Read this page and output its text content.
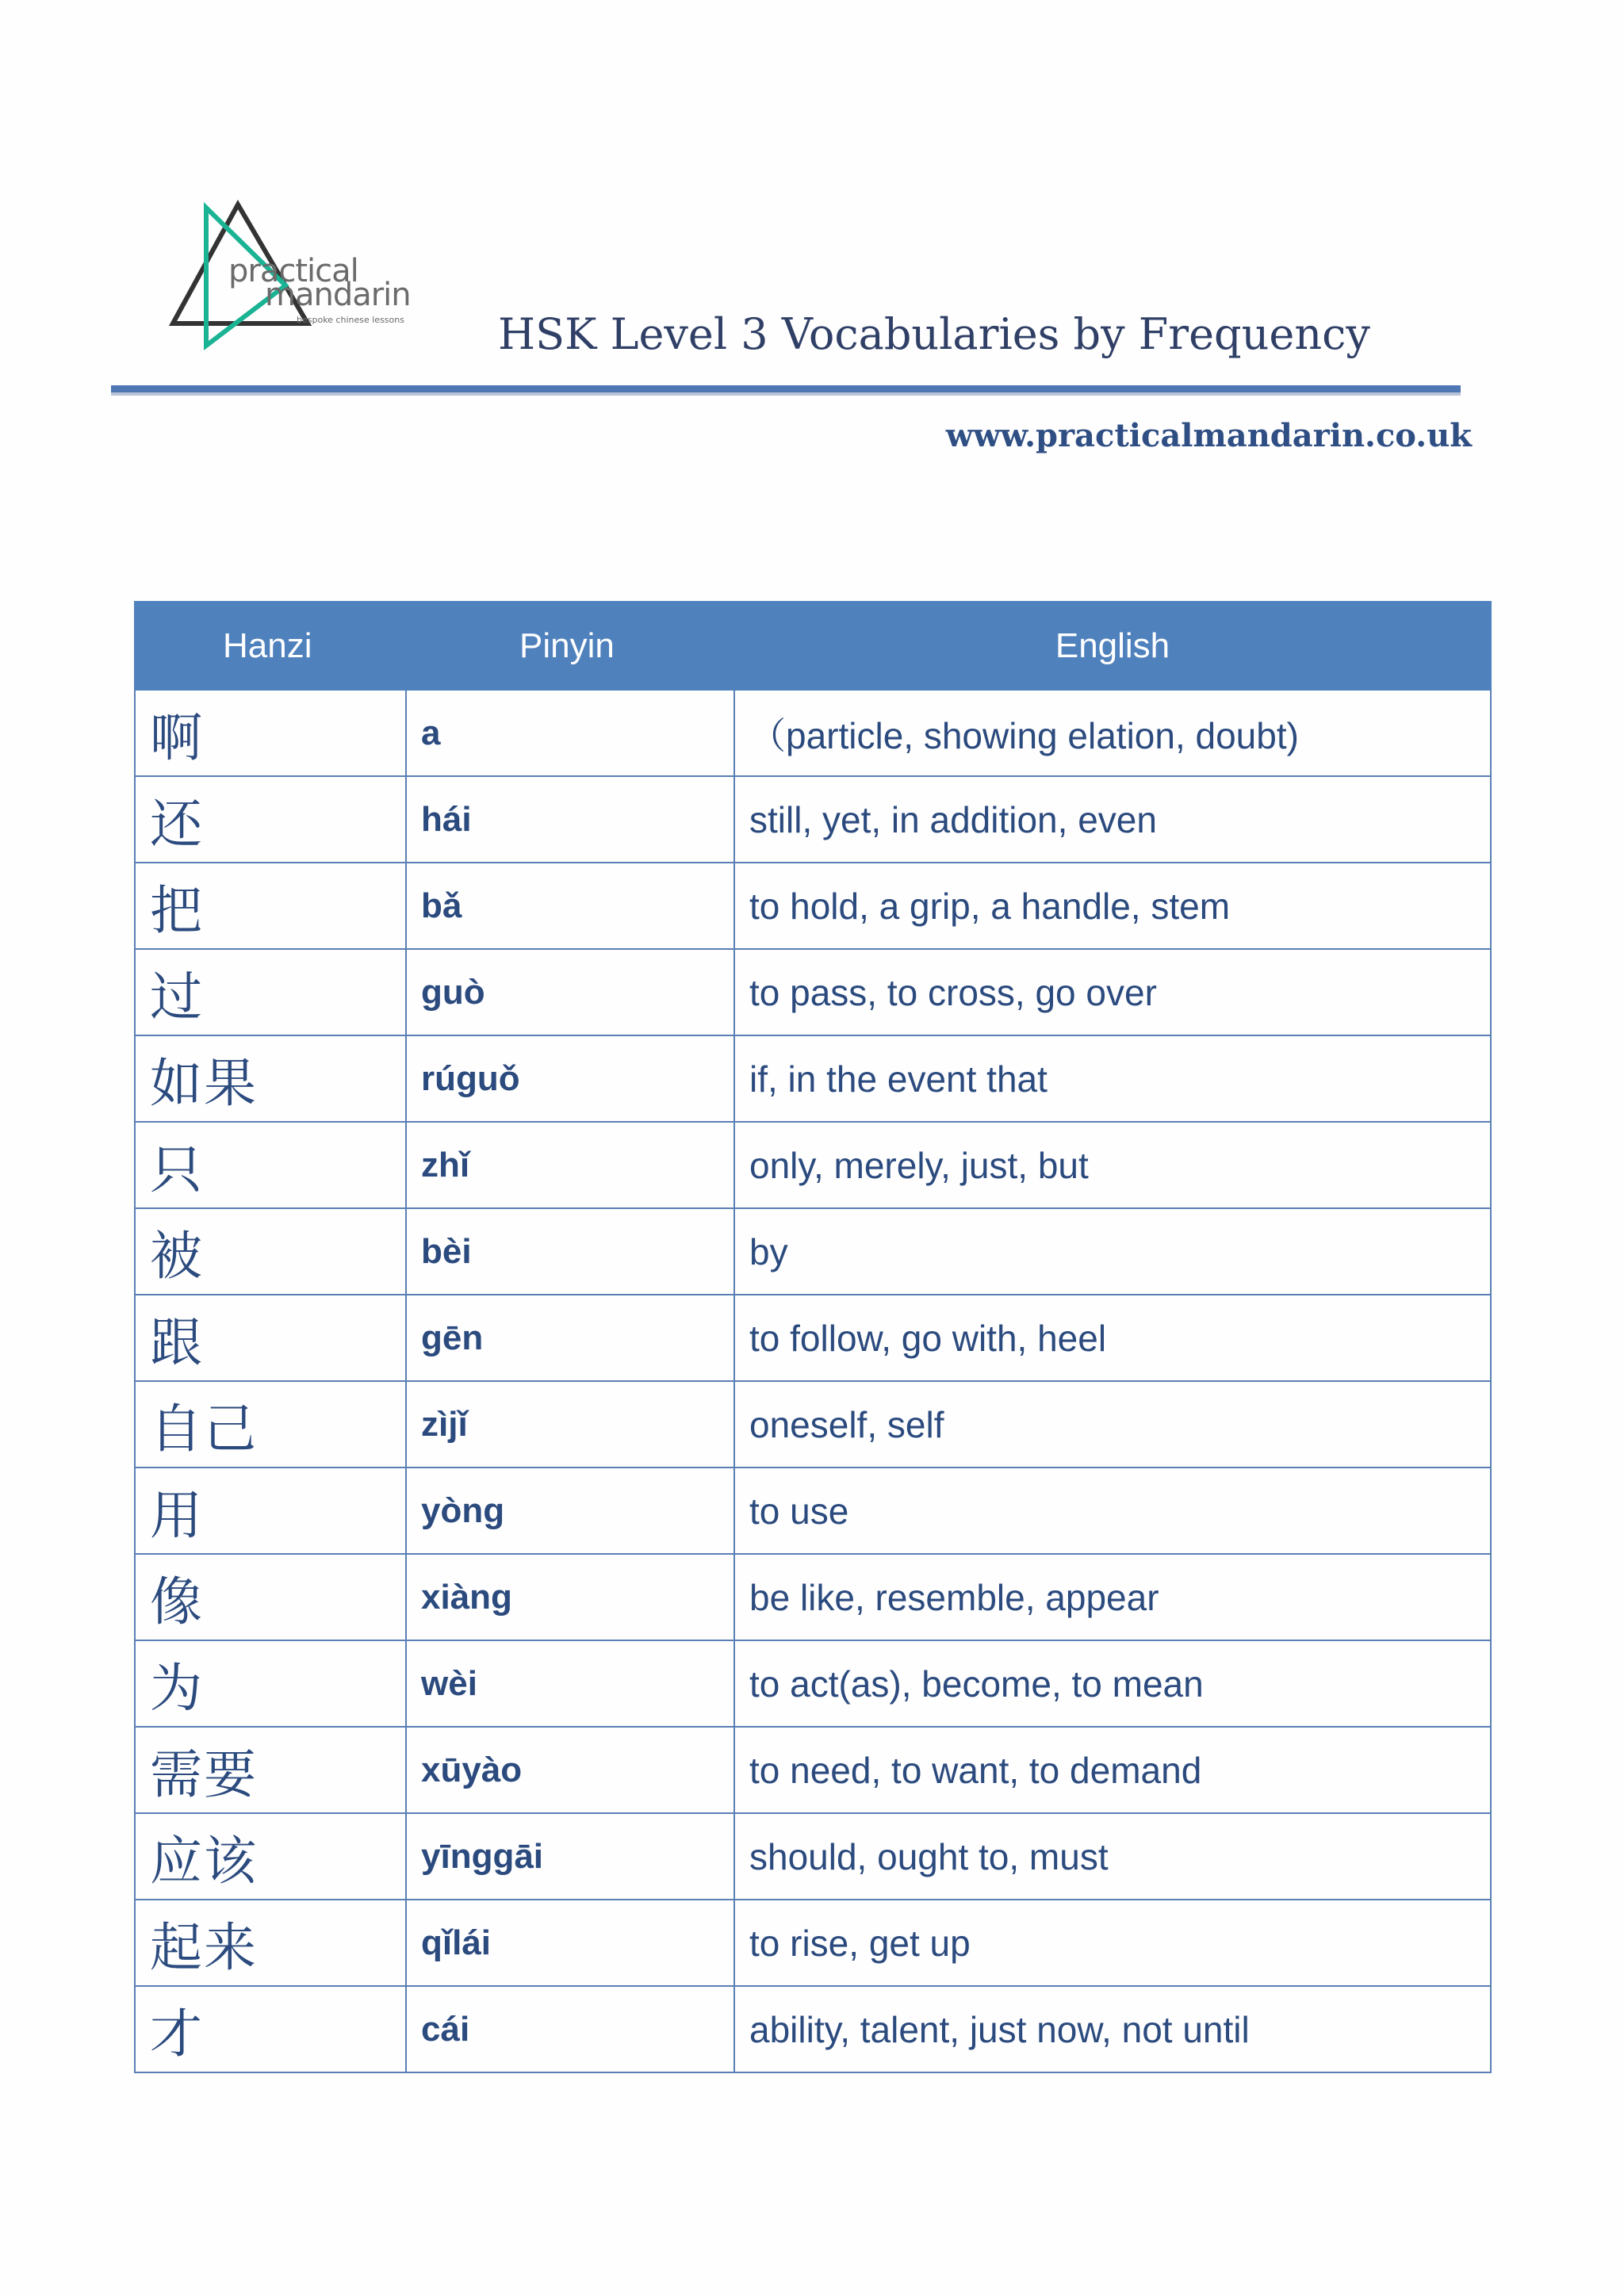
practical
mandarin
bespoke chinese lessons HSK Level 3 Vocabularies by Frequency
www.practicalmandarin.co.uk
Hanzi	Pinyin	English
啊	a	（particle, showing elation, doubt)
还	hái	still, yet, in addition, even
把	bǎ	to hold, a grip, a handle, stem
过	guò	to pass, to cross, go over
如果	rúguǒ	if, in the event that
只	zhǐ	only, merely, just, but
被	bèi	by
跟	gēn	to follow, go with, heel
自己	zìjǐ	oneself, self
用	yòng	to use
像	xiàng	be like, resemble, appear
为	wèi	to act(as), become, to mean
需要	xūyào	to need, to want, to demand
应该	yīnggāi	should, ought to, must
起来	qǐlái	to rise, get up
才	cái	ability, talent, just now, not until
